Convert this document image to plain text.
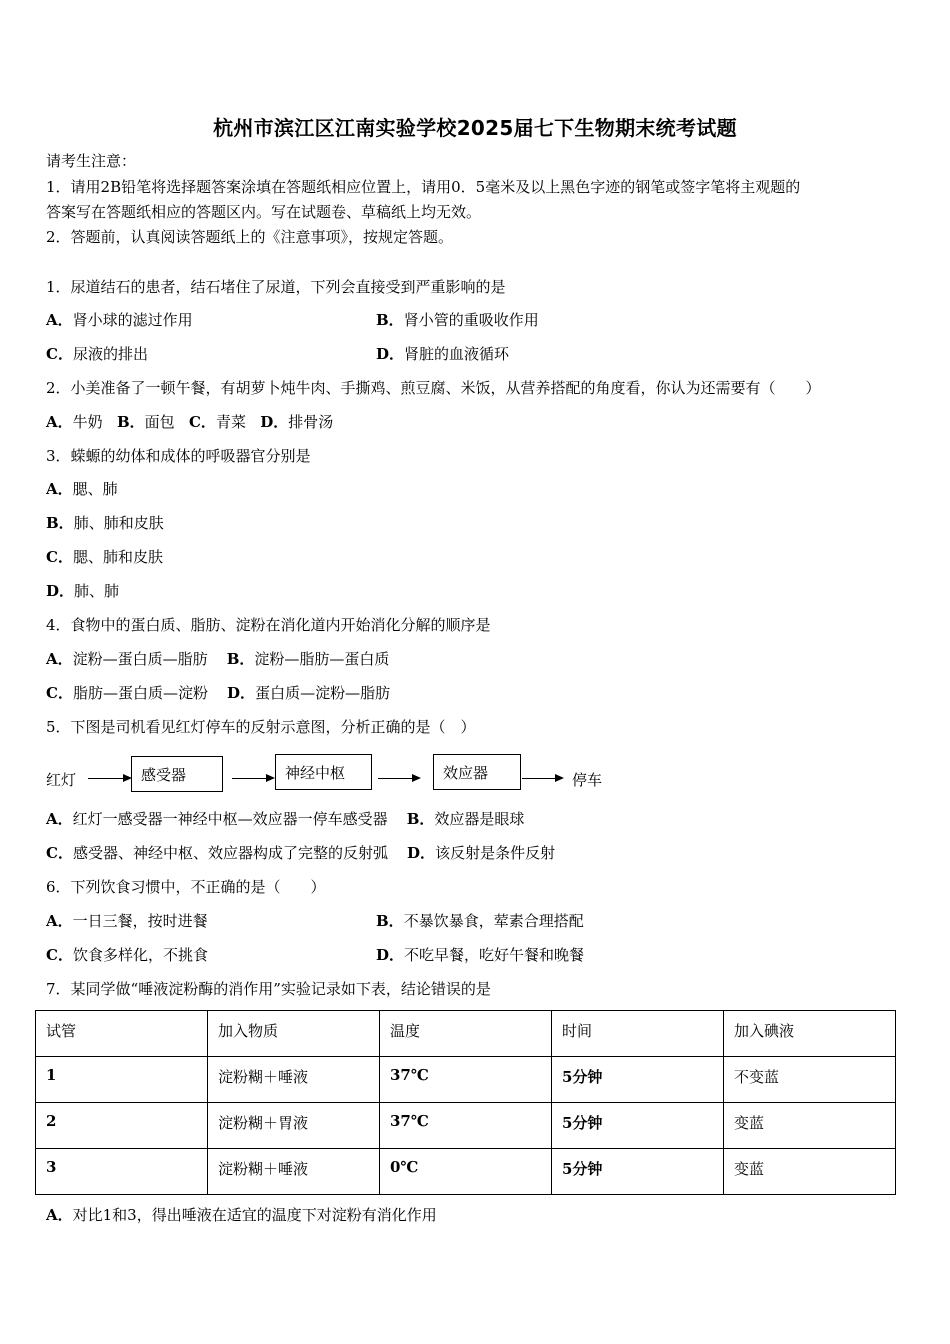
杭州市滨江区江南实验学校2025届七下生物期末统考试题
请考生注意：
1．请用2B铅笔将选择题答案涂填在答题纸相应位置上，请用0．5毫米及以上黑色字迹的钢笔或签字笔将主观题的
答案写在答题纸相应的答题区内。写在试题卷、草稿纸上均无效。
2．答题前，认真阅读答题纸上的《注意事项》，按规定答题。
1．尿道结石的患者，结石堵住了尿道，下列会直接受到严重影响的是
A．肾小球的滤过作用	B．肾小管的重吸收作用
C．尿液的排出	D．肾脏的血液循环
2．小美准备了一顿午餐，有胡萝卜炖牛肉、手撕鸡、煎豆腐、米饭，从营养搭配的角度看，你认为还需要有（　　）
A．牛奶 B．面包 C．青菜 D．排骨汤
3．蝾螈的幼体和成体的呼吸器官分别是
A．腮、肺
B．肺、肺和皮肤
C．腮、肺和皮肤
D．肺、肺
4．食物中的蛋白质、脂肪、淀粉在消化道内开始消化分解的顺序是
A．淀粉—蛋白质—脂肪 B．淀粉—脂肪—蛋白质
C．脂肪—蛋白质—淀粉 D．蛋白质—淀粉—脂肪
5．下图是司机看见红灯停车的反射示意图，分析正确的是（　）
红灯	感受器	神经中枢	效应器	停车
A．红灯一感受器一神经中枢—效应器一停车感受器 B．效应器是眼球
C．感受器、神经中枢、效应器构成了完整的反射弧 D．该反射是条件反射
6．下列饮食习惯中，不正确的是（　　）
A．一日三餐，按时进餐	B．不暴饮暴食，荤素合理搭配
C．饮食多样化，不挑食	D．不吃早餐，吃好午餐和晚餐
7．某同学做“唾液淀粉酶的消作用”实验记录如下表，结论错误的是
试管	加入物质	温度	时间	加入碘液
1	淀粉糊＋唾液	37℃	5分钟	不变蓝
2	淀粉糊＋胃液	37℃	5分钟	变蓝
3	淀粉糊＋唾液	0℃	5分钟	变蓝
A．对比1和3，得出唾液在适宜的温度下对淀粉有消化作用
